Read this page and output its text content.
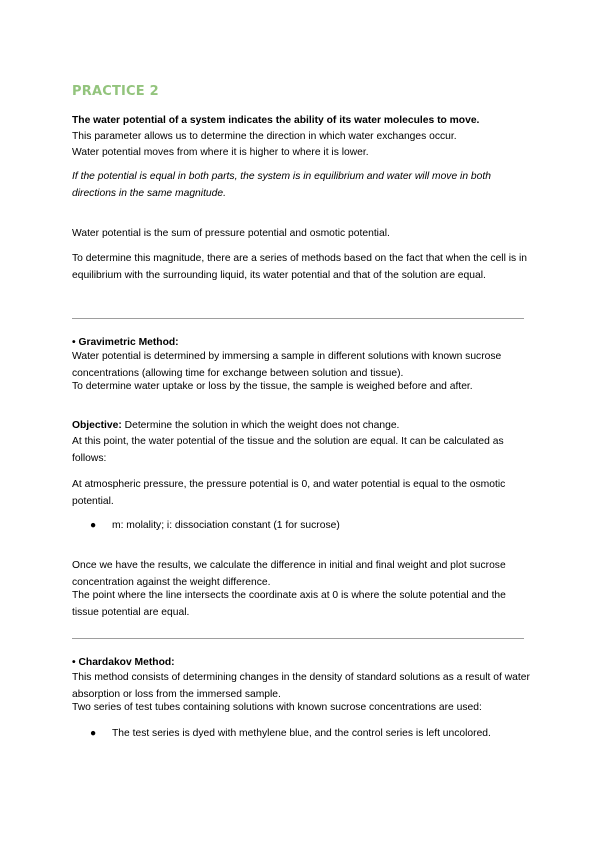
PRACTICE 2

The water potential of a system indicates the ability of its water molecules to move.

This parameter allows us to determine the direction in which water exchanges occur.

Water potential moves from where it is higher to where it is lower.

If the potential is equal in both parts, the system is in equilibrium and water will move in both directions in the same magnitude.

Water potential is the sum of pressure potential and osmotic potential.

To determine this magnitude, there are a series of methods based on the fact that when the cell is in equilibrium with the surrounding liquid, its water potential and that of the solution are equal.

• Gravimetric Method:

Water potential is determined by immersing a sample in different solutions with known sucrose concentrations (allowing time for exchange between solution and tissue).

To determine water uptake or loss by the tissue, the sample is weighed before and after.

Objective: Determine the solution in which the weight does not change.

At this point, the water potential of the tissue and the solution are equal. It can be calculated as follows:

At atmospheric pressure, the pressure potential is 0, and water potential is equal to the osmotic potential.

● m: molality; i: dissociation constant (1 for sucrose)

Once we have the results, we calculate the difference in initial and final weight and plot sucrose concentration against the weight difference.

The point where the line intersects the coordinate axis at 0 is where the solute potential and the tissue potential are equal.

• Chardakov Method:

This method consists of determining changes in the density of standard solutions as a result of water absorption or loss from the immersed sample.

Two series of test tubes containing solutions with known sucrose concentrations are used:

● The test series is dyed with methylene blue, and the control series is left uncolored.
